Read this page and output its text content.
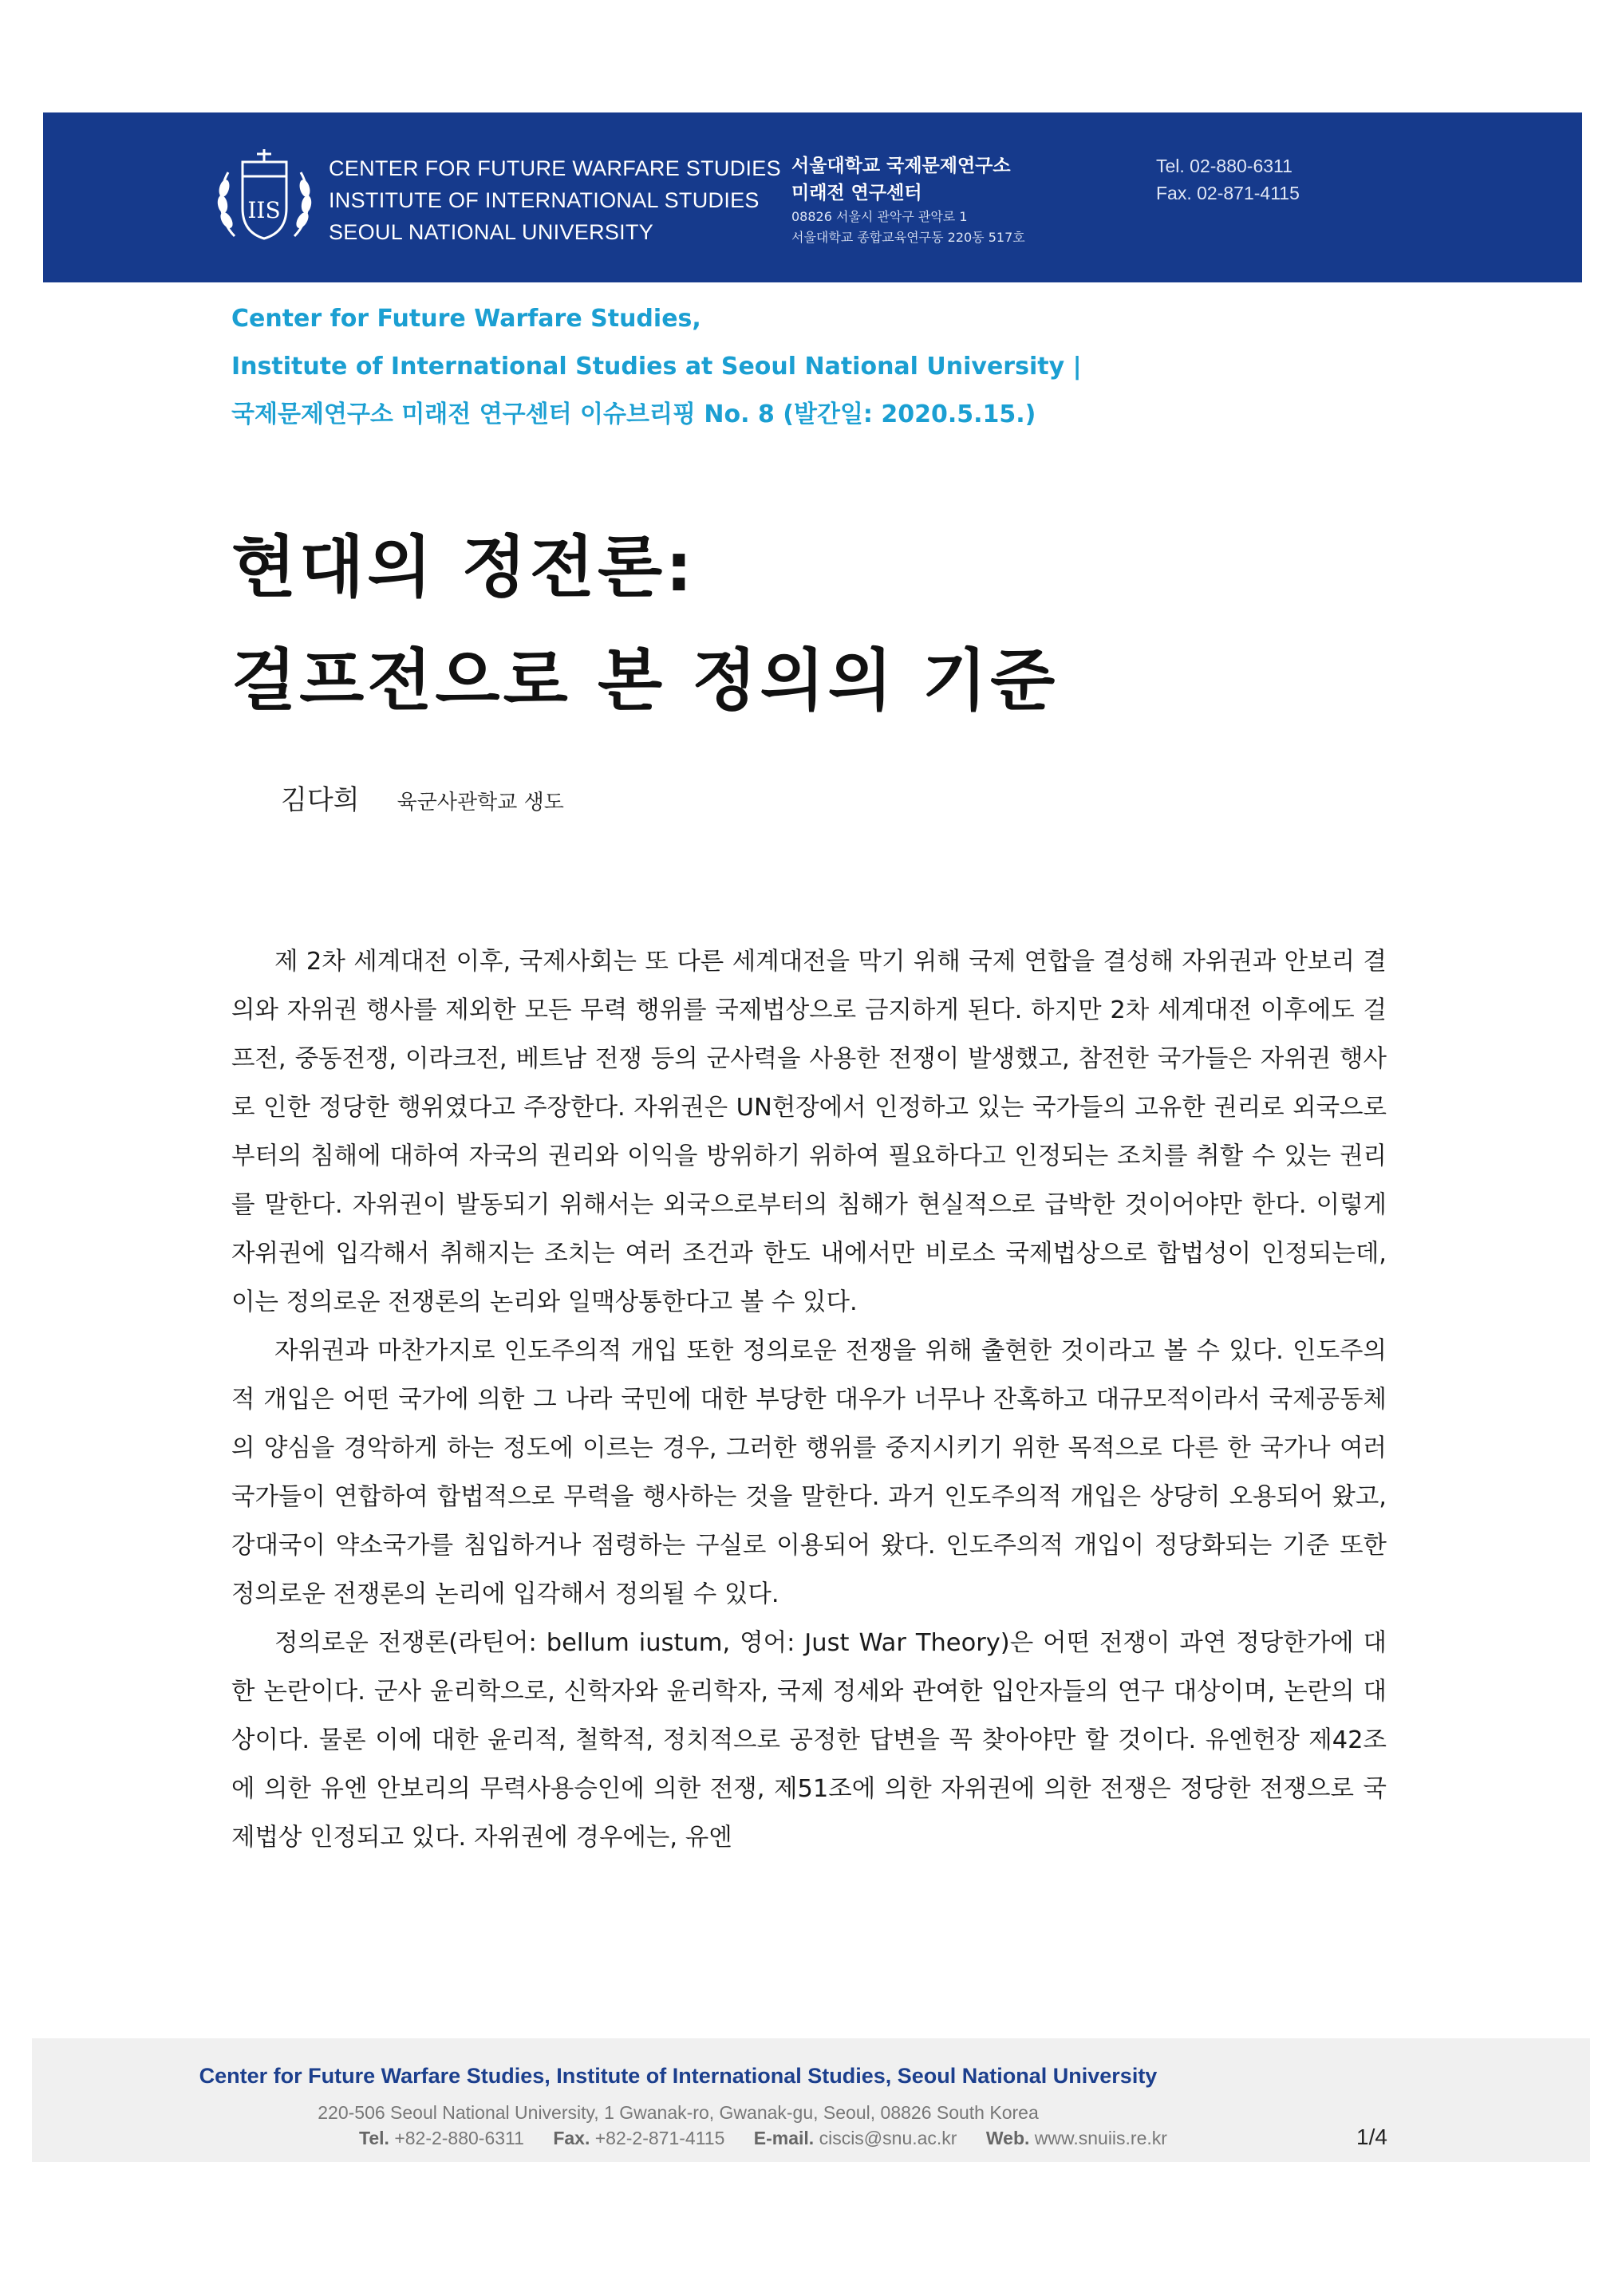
IIS
CENTER FOR FUTURE WARFARE STUDIES
INSTITUTE OF INTERNATIONAL STUDIES
SEOUL NATIONAL UNIVERSITY
서울대학교 국제문제연구소
미래전 연구센터
08826 서울시 관악구 관악로 1
서울대학교 종합교육연구동 220동 517호
Tel. 02-880-6311
Fax. 02-871-4115
Center for Future Warfare Studies,
Institute of International Studies at Seoul National University |
국제문제연구소 미래전 연구센터 이슈브리핑 No. 8 (발간일: 2020.5.15.)
현대의 정전론:
걸프전으로 본 정의의 기준
김다희 육군사관학교 생도

제 2차 세계대전 이후, 국제사회는 또 다른 세계대전을 막기 위해 국제 연합을 결성해 자위권과 안보리 결의와 자위권 행사를 제외한 모든 무력 행위를 국제법상으로 금지하게 된다. 하지만 2차 세계대전 이후에도 걸프전, 중동전쟁, 이라크전, 베트남 전쟁 등의 군사력을 사용한 전쟁이 발생했고, 참전한 국가들은 자위권 행사로 인한 정당한 행위였다고 주장한다. 자위권은 UN헌장에서 인정하고 있는 국가들의 고유한 권리로 외국으로부터의 침해에 대하여 자국의 권리와 이익을 방위하기 위하여 필요하다고 인정되는 조치를 취할 수 있는 권리를 말한다. 자위권이 발동되기 위해서는 외국으로부터의 침해가 현실적으로 급박한 것이어야만 한다. 이렇게 자위권에 입각해서 취해지는 조치는 여러 조건과 한도 내에서만 비로소 국제법상으로 합법성이 인정되는데, 이는 정의로운 전쟁론의 논리와 일맥상통한다고 볼 수 있다.

자위권과 마찬가지로 인도주의적 개입 또한 정의로운 전쟁을 위해 출현한 것이라고 볼 수 있다. 인도주의적 개입은 어떤 국가에 의한 그 나라 국민에 대한 부당한 대우가 너무나 잔혹하고 대규모적이라서 국제공동체의 양심을 경악하게 하는 정도에 이르는 경우, 그러한 행위를 중지시키기 위한 목적으로 다른 한 국가나 여러 국가들이 연합하여 합법적으로 무력을 행사하는 것을 말한다. 과거 인도주의적 개입은 상당히 오용되어 왔고, 강대국이 약소국가를 침입하거나 점령하는 구실로 이용되어 왔다. 인도주의적 개입이 정당화되는 기준 또한 정의로운 전쟁론의 논리에 입각해서 정의될 수 있다.

정의로운 전쟁론(라틴어: bellum iustum, 영어: Just War Theory)은 어떤 전쟁이 과연 정당한가에 대한 논란이다. 군사 윤리학으로, 신학자와 윤리학자, 국제 정세와 관여한 입안자들의 연구 대상이며, 논란의 대상이다. 물론 이에 대한 윤리적, 철학적, 정치적으로 공정한 답변을 꼭 찾아야만 할 것이다. 유엔헌장 제42조에 의한 유엔 안보리의 무력사용승인에 의한 전쟁, 제51조에 의한 자위권에 의한 전쟁은 정당한 전쟁으로 국제법상 인정되고 있다. 자위권에 경우에는, 유엔

Center for Future Warfare Studies, Institute of International Studies, Seoul National University
220-506 Seoul National University, 1 Gwanak-ro, Gwanak-gu, Seoul, 08826 South Korea
Tel. +82-2-880-6311 Fax. +82-2-871-4115 E-mail. ciscis@snu.ac.kr Web. www.snuiis.re.kr	1/4
